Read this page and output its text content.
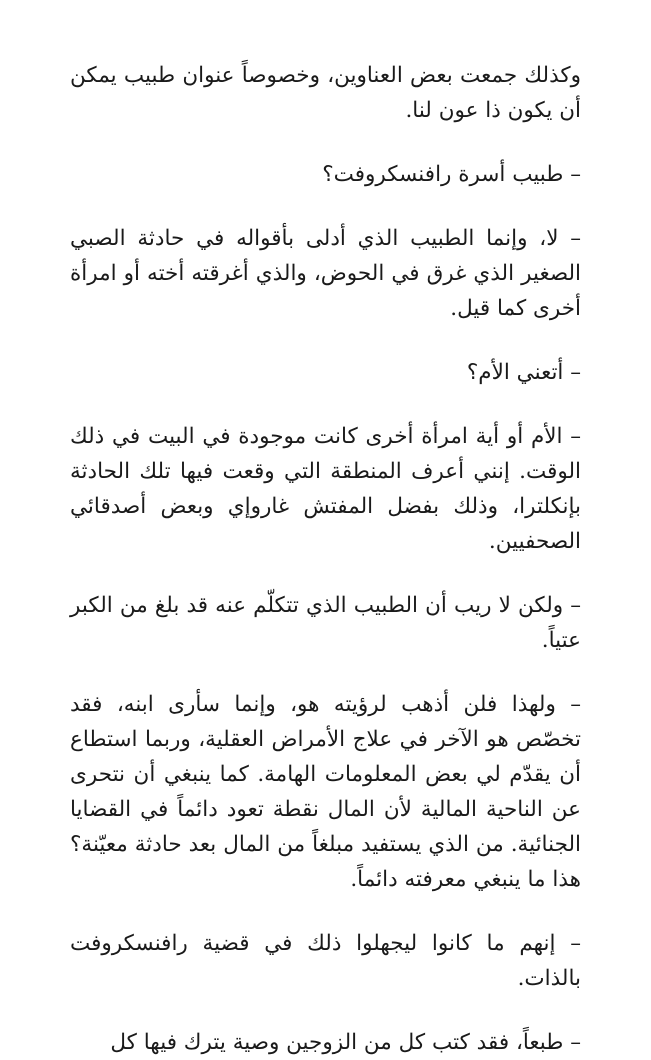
وكذلك جمعت بعض العناوين، وخصوصاً عنوان طبيب يمكن أن يكون ذا عون لنا.

– طبيب أسرة رافنسكروفت؟

– لا، وإنما الطبيب الذي أدلى بأقواله في حادثة الصبي الصغير الذي غرق في الحوض، والذي أغرقته أخته أو امرأة أخرى كما قيل.

– أتعني الأم؟

– الأم أو أية امرأة أخرى كانت موجودة في البيت في ذلك الوقت. إنني أعرف المنطقة التي وقعت فيها تلك الحادثة بإنكلترا، وذلك بفضل المفتش غاروإي وبعض أصدقائي الصحفيين.

– ولكن لا ريب أن الطبيب الذي تتكلّم عنه قد بلغ من الكبر عتياً.

– ولهذا فلن أذهب لرؤيته هو، وإنما سأرى ابنه، فقد تخصّص هو الآخر في علاج الأمراض العقلية، وربما استطاع أن يقدّم لي بعض المعلومات الهامة. كما ينبغي أن نتحرى عن الناحية المالية لأن المال نقطة تعود دائماً في القضايا الجنائية. من الذي يستفيد مبلغاً من المال بعد حادثة معيّنة؟ هذا ما ينبغي معرفته دائماً.

– إنهم ما كانوا ليجهلوا ذلك في قضية رافنسكروفت بالذات.

– طبعاً، فقد كتب كل من الزوجين وصية يترك فيها كل
